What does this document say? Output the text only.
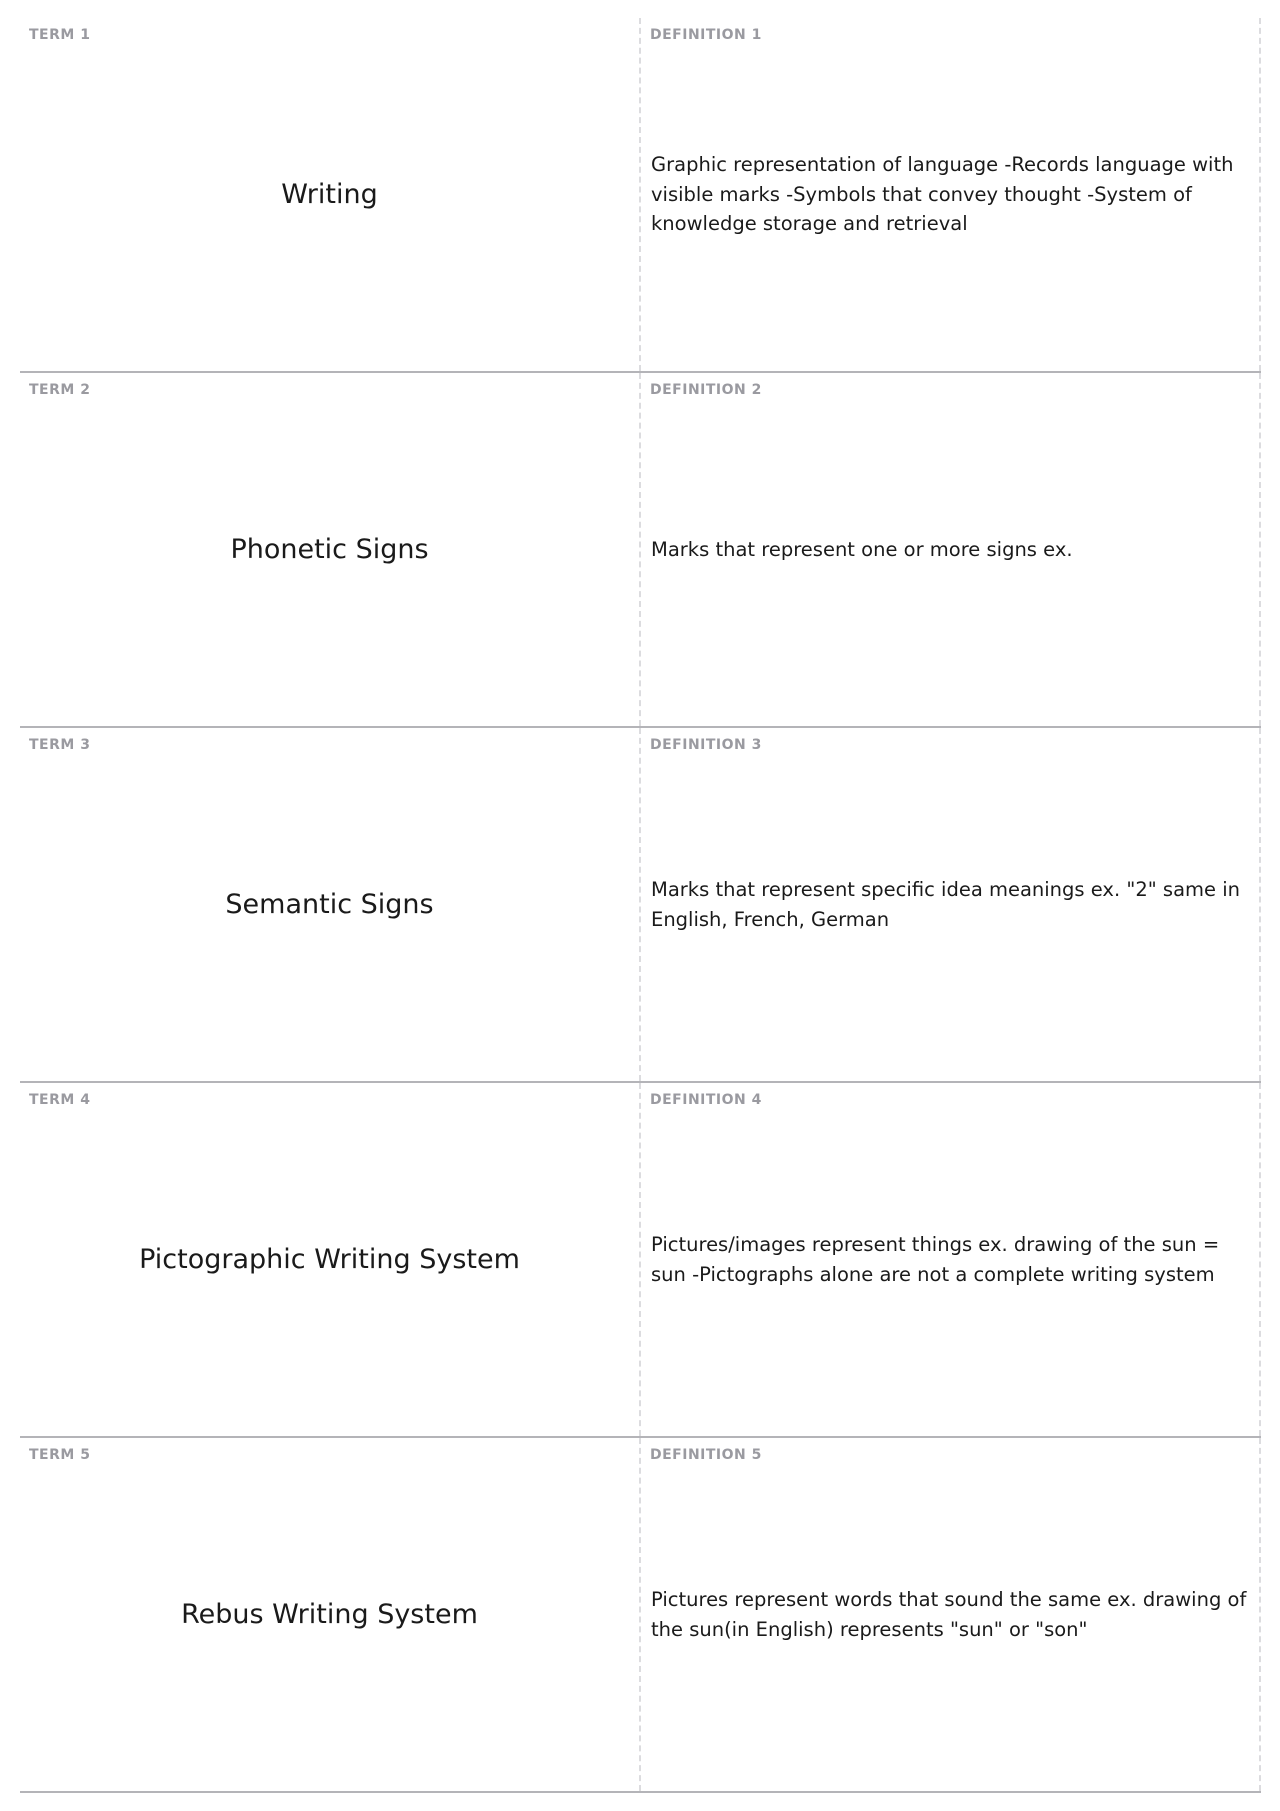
TERM 1
Writing
DEFINITION 1
Graphic representation of language -Records language with visible marks -Symbols that convey thought -System of knowledge storage and retrieval
TERM 2
Phonetic Signs
DEFINITION 2
Marks that represent one or more signs ex.
TERM 3
Semantic Signs
DEFINITION 3
Marks that represent specific idea meanings ex. "2" same in English, French, German
TERM 4
Pictographic Writing System
DEFINITION 4
Pictures/images represent things ex. drawing of the sun = sun -Pictographs alone are not a complete writing system
TERM 5
Rebus Writing System
DEFINITION 5
Pictures represent words that sound the same ex. drawing of the sun(in English) represents "sun" or "son"
